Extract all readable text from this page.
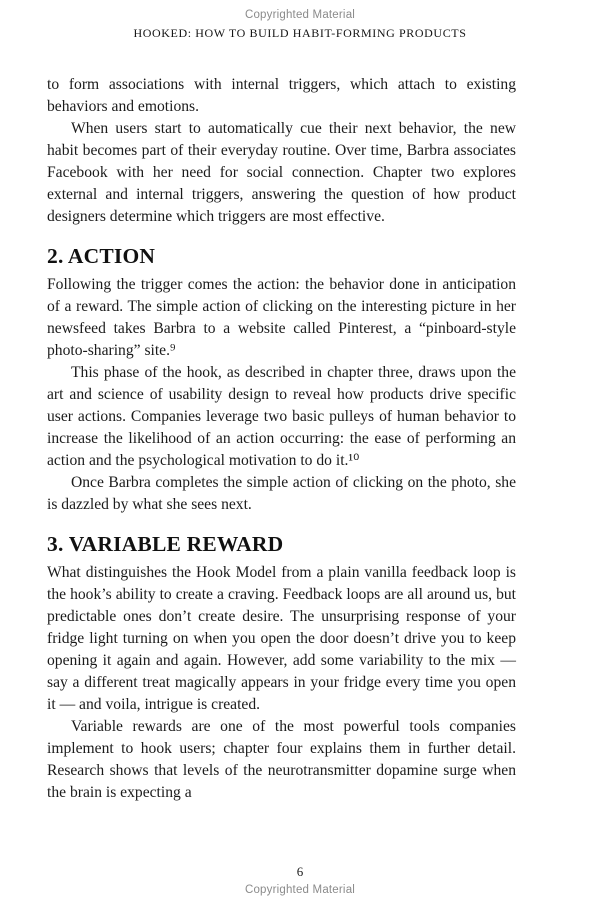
Copyrighted Material
HOOKED: HOW TO BUILD HABIT-FORMING PRODUCTS

to form associations with internal triggers, which attach to existing behaviors and emotions.

When users start to automatically cue their next behavior, the new habit becomes part of their everyday routine. Over time, Barbra associates Facebook with her need for social connection. Chapter two explores external and internal triggers, answering the question of how product designers determine which triggers are most effective.

2. ACTION

Following the trigger comes the action: the behavior done in anticipation of a reward. The simple action of clicking on the interesting picture in her newsfeed takes Barbra to a website called Pinterest, a “pinboard-style photo-sharing” site.⁹

This phase of the hook, as described in chapter three, draws upon the art and science of usability design to reveal how products drive specific user actions. Companies leverage two basic pulleys of human behavior to increase the likelihood of an action occurring: the ease of performing an action and the psychological motivation to do it.¹⁰

Once Barbra completes the simple action of clicking on the photo, she is dazzled by what she sees next.

3. VARIABLE REWARD

What distinguishes the Hook Model from a plain vanilla feedback loop is the hook’s ability to create a craving. Feedback loops are all around us, but predictable ones don’t create desire. The unsurprising response of your fridge light turning on when you open the door doesn’t drive you to keep opening it again and again. However, add some variability to the mix — say a different treat magically appears in your fridge every time you open it — and voila, intrigue is created.

Variable rewards are one of the most powerful tools companies implement to hook users; chapter four explains them in further detail. Research shows that levels of the neurotransmitter dopamine surge when the brain is expecting a

6
Copyrighted Material
